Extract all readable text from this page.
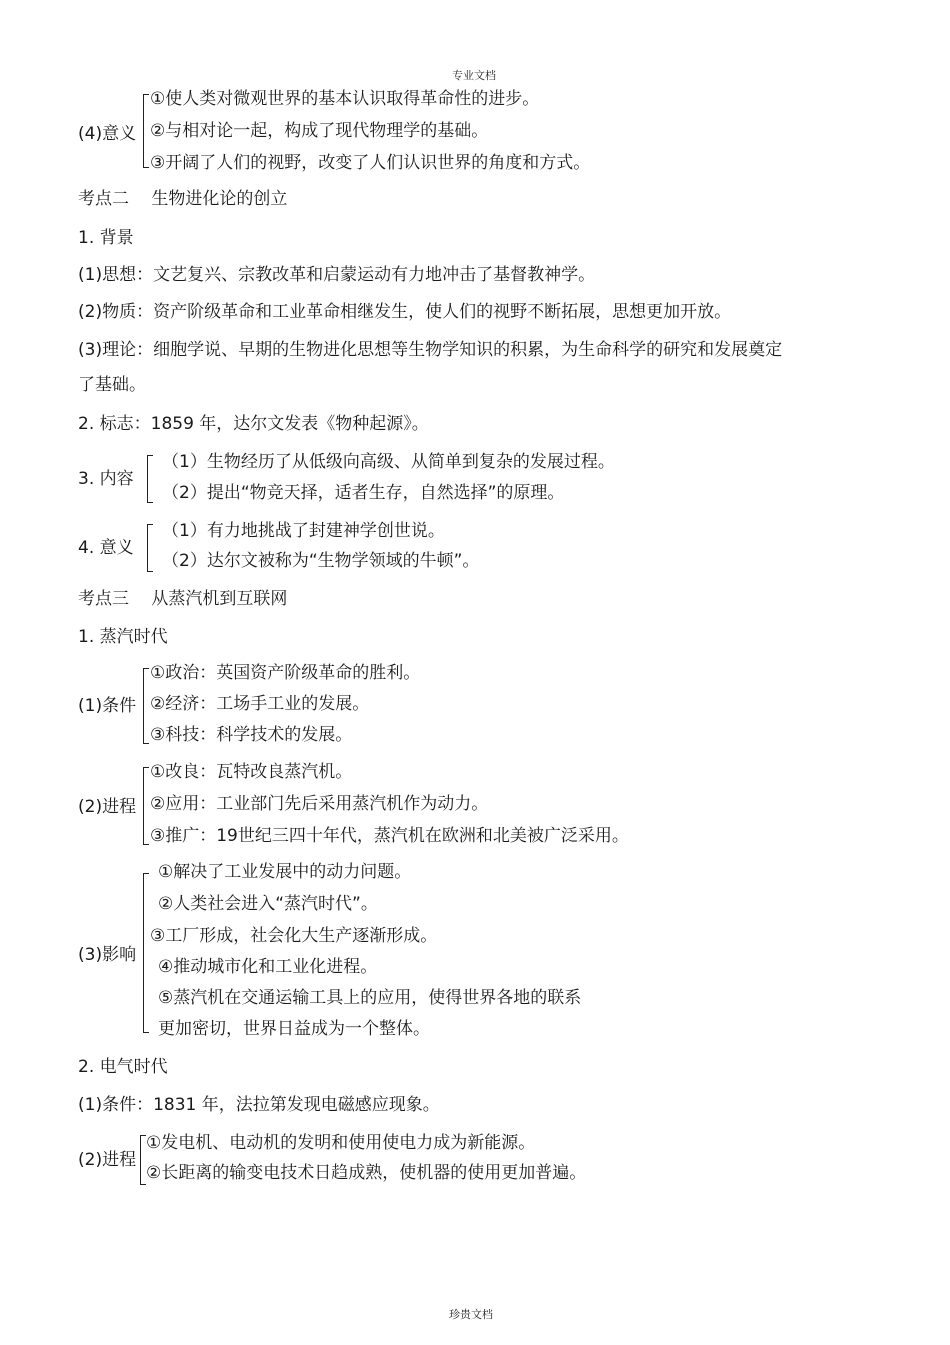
专业文档
(4)意义
①使人类对微观世界的基本认识取得革命性的进步。
②与相对论一起，构成了现代物理学的基础。
③开阔了人们的视野，改变了人们认识世界的角度和方式。
考点二　 生物进化论的创立
1. 背景
(1)思想：文艺复兴、宗教改革和启蒙运动有力地冲击了基督教神学。
(2)物质：资产阶级革命和工业革命相继发生，使人们的视野不断拓展，思想更加开放。
(3)理论：细胞学说、早期的生物进化思想等生物学知识的积累，为生命科学的研究和发展奠定
了基础。
2. 标志：1859 年，达尔文发表《物种起源》。
3. 内容
（1）生物经历了从低级向高级、从简单到复杂的发展过程。
（2）提出“物竞天择，适者生存，自然选择”的原理。
4. 意义
（1）有力地挑战了封建神学创世说。
（2）达尔文被称为“生物学领域的牛顿”。
考点三　 从蒸汽机到互联网
1. 蒸汽时代
(1)条件
①政治：英国资产阶级革命的胜利。
②经济：工场手工业的发展。
③科技：科学技术的发展。
(2)进程
①改良：瓦特改良蒸汽机。
②应用：工业部门先后采用蒸汽机作为动力。
③推广：19世纪三四十年代，蒸汽机在欧洲和北美被广泛采用。
(3)影响
①解决了工业发展中的动力问题。
②人类社会进入“蒸汽时代”。
③工厂形成，社会化大生产逐渐形成。
④推动城市化和工业化进程。
⑤蒸汽机在交通运输工具上的应用，使得世界各地的联系
更加密切，世界日益成为一个整体。
2. 电气时代
(1)条件：1831 年，法拉第发现电磁感应现象。
(2)进程
①发电机、电动机的发明和使用使电力成为新能源。
②长距离的输变电技术日趋成熟，使机器的使用更加普遍。
珍贵文档
